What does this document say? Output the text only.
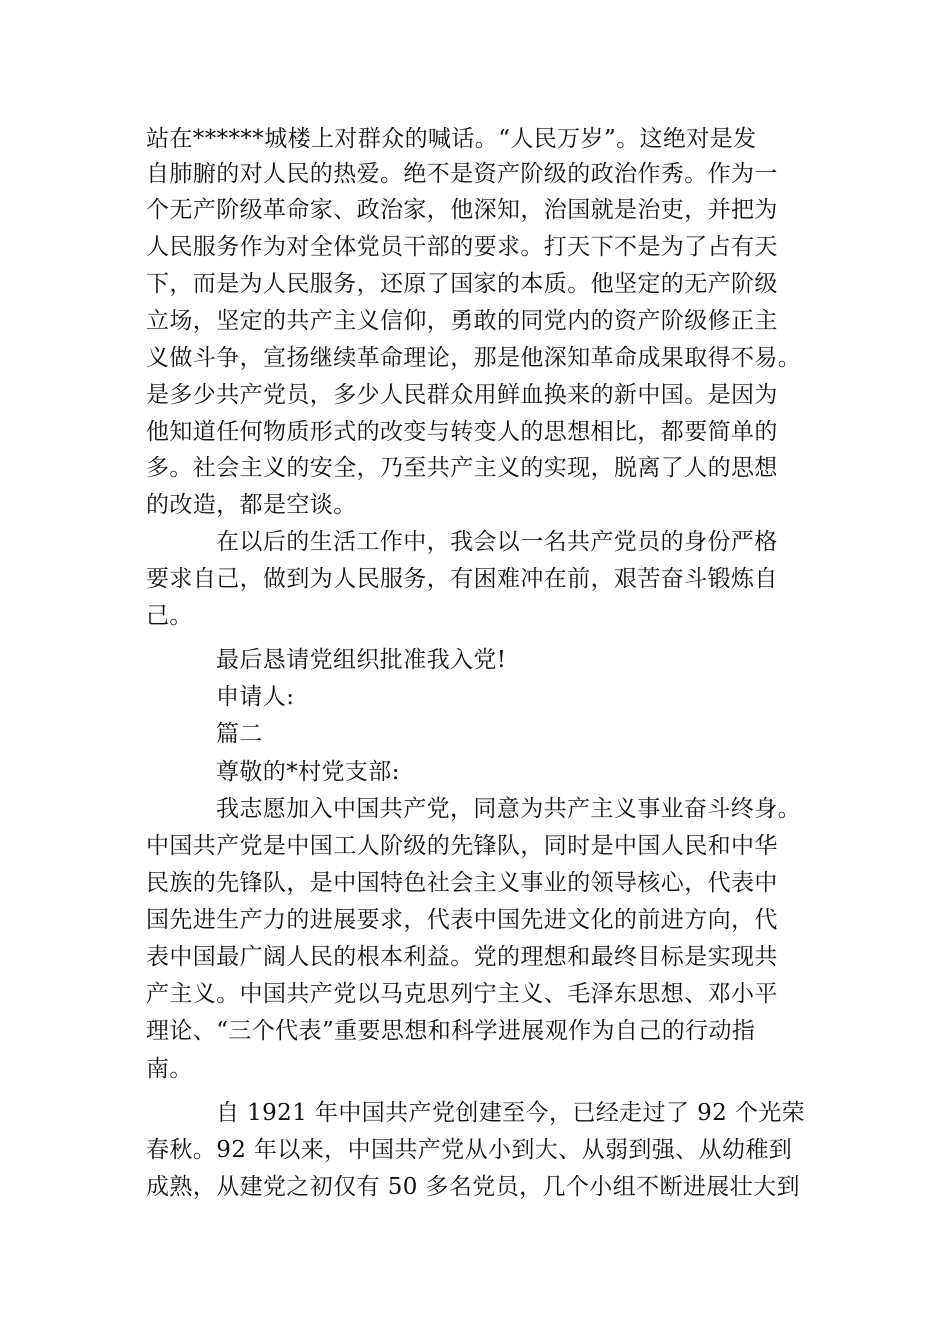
站在******城楼上对群众的喊话。“人民万岁”。这绝对是发
自肺腑的对人民的热爱。绝不是资产阶级的政治作秀。作为一
个无产阶级革命家、政治家，他深知，治国就是治吏，并把为
人民服务作为对全体党员干部的要求。打天下不是为了占有天
下，而是为人民服务，还原了国家的本质。他坚定的无产阶级
立场，坚定的共产主义信仰，勇敢的同党内的资产阶级修正主
义做斗争，宣扬继续革命理论，那是他深知革命成果取得不易。
是多少共产党员，多少人民群众用鲜血换来的新中国。是因为
他知道任何物质形式的改变与转变人的思想相比，都要简单的
多。社会主义的安全，乃至共产主义的实现，脱离了人的思想
的改造，都是空谈。
在以后的生活工作中，我会以一名共产党员的身份严格
要求自己，做到为人民服务，有困难冲在前，艰苦奋斗锻炼自
己。
最后恳请党组织批准我入党!
申请人:
篇二
尊敬的*村党支部:
我志愿加入中国共产党，同意为共产主义事业奋斗终身。
中国共产党是中国工人阶级的先锋队，同时是中国人民和中华
民族的先锋队，是中国特色社会主义事业的领导核心，代表中
国先进生产力的进展要求，代表中国先进文化的前进方向，代
表中国最广阔人民的根本利益。党的理想和最终目标是实现共
产主义。中国共产党以马克思列宁主义、毛泽东思想、邓小平
理论、“三个代表”重要思想和科学进展观作为自己的行动指
南。
自 1921 年中国共产党创建至今，已经走过了 92 个光荣
春秋。92 年以来，中国共产党从小到大、从弱到强、从幼稚到
成熟，从建党之初仅有 50 多名党员，几个小组不断进展壮大到
